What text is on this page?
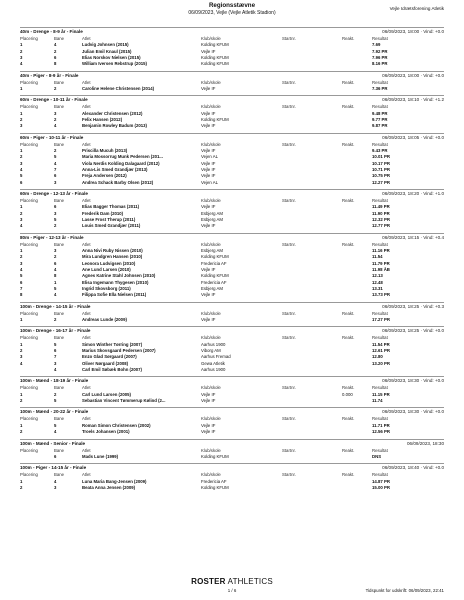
Regionsstævne
06/09/2023, Vejle (Vejle Atletik Stadion)
Vejle Idrætsforening Atletik
40m - Drenge - 8-9 år - Finale	06/09/2023, 18:00 · Vind: +0.0
Placering	Bane	Atlet	Klub/skole	Startnr.	Reakt.	Resultat
1	4	Ludvig Johnsen (2015)	Kolding KFUM	7.69
2	2	Julian Emil Knaul (2015)	Vejle IF	7.92 PR
3	6	Elias Norskov Nielsen (2015)	Kolding KFUM	7.96 PR
4	8	William Iversen Rebstrup (2015)	Kolding KFUM	8.16 PR
40m - Piger - 8-9 år - Finale	06/09/2023, 18:00 · Vind: +0.0
Placering	Bane	Atlet	Klub/skole	Startnr.	Reakt.	Resultat
1	2	Caroline Helene Christensen (2014)	Vejle IF	7.36 PR
60m - Drenge - 10-11 år - Finale	06/09/2023, 18:10 · Vind: +1.2
Placering	Bane	Atlet	Klub/skole	Startnr.	Reakt.	Resultat
1	3	Alexander Christensen (2012)	Vejle IF	9.48 PR
2	2	Felix Hansen (2012)	Kolding KFUM	9.77 PR
3	4	Benjamin Rowley Badum (2013)	Vejle IF	9.87 PR
60m - Piger - 10-11 år - Finale	06/09/2023, 18:05 · Vind: +0.0
Placering	Bane	Atlet	Klub/skole	Startnr.	Reakt.	Resultat
1	2	Priscilla Mucuh (2013)	Vejle IF	9.43 PR
2	5	Maria Mossorrug Munk Pedersen (201...	Vejen AL	10.01 PR
3	4	Viola Nerdis Kolding Dalagaard (2012)	Vejle IF	10.17 PR
4	7	Anna-Lis Smed Grandjær (2013)	Vejle IF	10.71 PR
5	6	Freja Andersen (2012)	Vejle IF	10.75 PR
6	3	Andrea Schack Barby Olsen (2012)	Vejen AL	12.27 PR
60m - Drenge - 12-13 år - Finale	06/09/2023, 18:20 · Vind: +1.0
Placering	Bane	Atlet	Klub/skole	Startnr.	Reakt.	Resultat
1	6	Elias Bagger Thomas (2011)	Vejle IF	11.49 PR
2	3	Frederik Dam (2010)	Esbjerg AM	11.90 PR
3	5	Lasse Frost Therup (2011)	Esbjerg AM	12.32 PR
4	2	Louis Smed Grandjær (2011)	Vejle IF	12.77 PR
80m - Piger - 12-13 år - Finale	06/09/2023, 18:15 · Vind: +0.4
Placering	Bane	Atlet	Klub/skole	Startnr.	Reakt.	Resultat
1	3	Anna Nivi Ruby Nissen (2010)	Esbjerg AM	11.16 PR
2	2	Mira Lundgren Hansen (2010)	Kolding KFUM	11.54
3	6	Leonora Ludvigsen (2010)	Fredericia AF	11.79 PR
4	4	Ane Lund Larsen (2010)	Vejle IF	11.98 ÅB
5	8	Agnes Katrine Stahl Johnsen (2010)	Kolding KFUM	12.13
6	1	Elisa Ingemann Thygesen (2010)	Fredericia AF	12.48
7	5	Ingrid Skovsborg (2011)	Esbjerg AM	13.31
8	4	Filippa Sofie Ella Nielsen (2011)	Vejle IF	13.73 PR
100m - Drenge - 14-15 år - Finale	06/09/2023, 18:25 · Vind: +0.3
Placering	Bane	Atlet	Klub/skole	Startnr.	Reakt.	Resultat
1	2	Andreas Lunde (2009)	Vejle IF	17.27 PR
100m - Drenge - 16-17 år - Finale	06/09/2023, 18:25 · Vind: +0.0
Placering	Bane	Atlet	Klub/skole	Startnr.	Reakt.	Resultat
1	5	Simon Winther Tørring (2007)	Aarhus 1900	11.54 PR
2	6	Marius Skovsgaard Pedersen (2007)	Viborg AM	12.61 PR
3	7	Enzo Glad Sørgaard (2007)	Aarhus Fremad	12.80
4	3	Oliver Nørgaard (2008)	Gewa Atletik	13.20 PR
4	Carl Emil Søbæk Bohn (2007)	Aarhus 1900
100m - Mænd - 18-19 år - Finale	06/09/2023, 18:30 · Vind: +0.0
Placering	Bane	Atlet	Klub/skole	Startnr.	Reakt.	Resultat
1	2	Carl Lund Larsen (2005)	Vejle IF	0.000	11.15 PR
2	5	Sebastian Vincent Tømmerup Kølind (2...	Vejle IF	11.74
100m - Mænd - 20-22 år - Finale	06/09/2023, 18:30 · Vind: +0.0
Placering	Bane	Atlet	Klub/skole	Startnr.	Reakt.	Resultat
1	5	Roman Simon Christensen (2002)	Vejle IF	11.71 PR
2	4	Troels Johansen (2001)	Vejle IF	12.56 PR
100m - Mænd - Senior - Finale	06/09/2023, 18:30
Placering	Bane	Atlet	Klub/skole	Startnr.	Reakt.	Resultat
6	Mads Lune (1999)	Kolding KFUM	DNS
100m - Piger - 14-15 år - Finale	06/09/2023, 18:40 · Vind: +0.0
Placering	Bane	Atlet	Klub/skole	Startnr.	Reakt.	Resultat
1	4	Luna Maria Bang-Jensen (2009)	Fredericia AF	14.87 PR
2	3	Beata Anna Jensen (2009)	Kolding KFUM	15.00 PR
ROSTER ATHLETICS
1 / 6	Tidspunkt for udskrift: 06/09/2023, 22:41
